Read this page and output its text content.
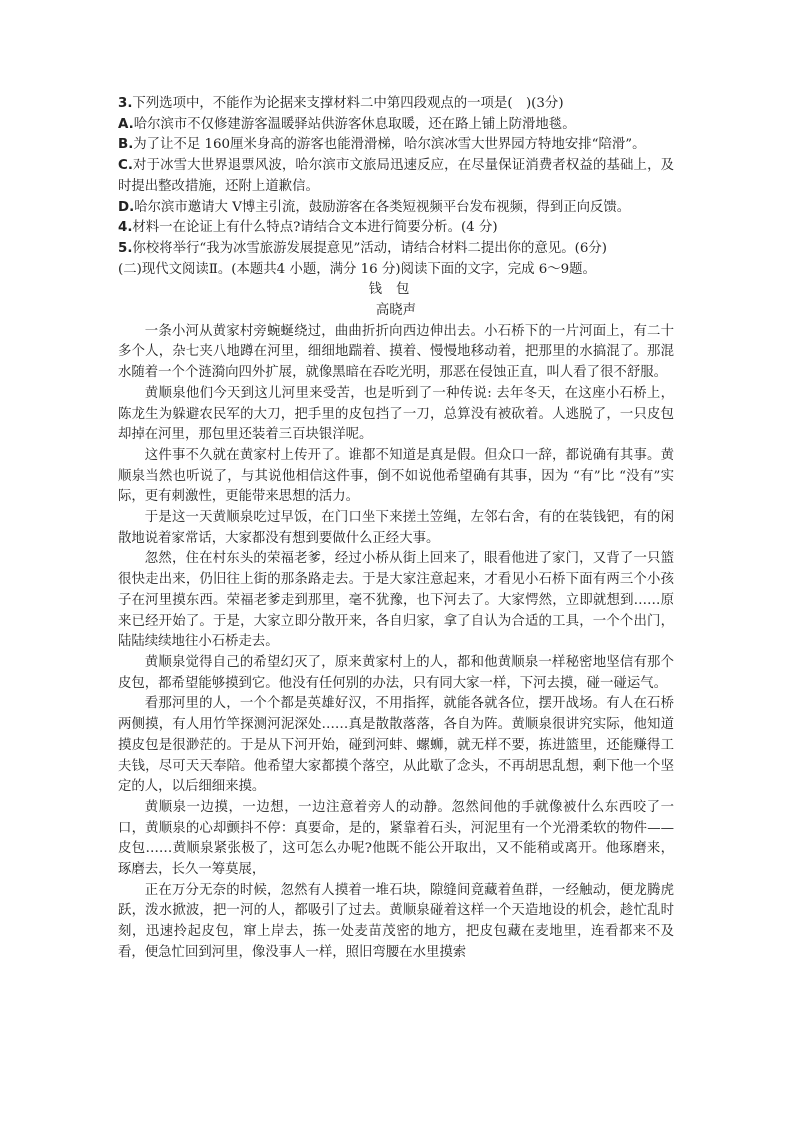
3.下列选项中，不能作为论据来支撑材料二中第四段观点的一项是(　)(3分)

A.哈尔滨市不仅修建游客温暖驿站供游客休息取暖，还在路上铺上防滑地毯。

B.为了让不足 160厘米身高的游客也能滑滑梯，哈尔滨冰雪大世界园方特地安排“陪滑”。

C.对于冰雪大世界退票风波，哈尔滨市文旅局迅速反应，在尽量保证消费者权益的基础上，及时提出整改措施，还附上道歉信。

D.哈尔滨市邀请大 V博主引流，鼓励游客在各类短视频平台发布视频，得到正向反馈。

4.材料一在论证上有什么特点?请结合文本进行简要分析。(4 分)

5.你校将举行“我为冰雪旅游发展提意见”活动，请结合材料二提出你的意见。(6分)

(二)现代文阅读Ⅱ。(本题共4 小题，满分 16 分)阅读下面的文字，完成 6～9题。

钱包

高晓声

一条小河从黄家村旁蜿蜒绕过，曲曲折折向西边伸出去。小石桥下的一片河面上，有二十多个人，杂七夹八地蹲在河里，细细地踹着、摸着、慢慢地移动着，把那里的水搞混了。那混水随着一个个涟漪向四外扩展，就像黑暗在吞吃光明，那恶在侵蚀正直，叫人看了很不舒服。

黄顺泉他们今天到这儿河里来受苦，也是听到了一种传说: 去年冬天，在这座小石桥上，陈龙生为躲避农民军的大刀，把手里的皮包挡了一刀，总算没有被砍着。人逃脱了，一只皮包却掉在河里，那包里还装着三百块银洋呢。

这件事不久就在黄家村上传开了。谁都不知道是真是假。但众口一辞，都说确有其事。黄顺泉当然也听说了，与其说他相信这件事，倒不如说他希望确有其事，因为 “有”比 “没有”实际，更有刺激性，更能带来思想的活力。

于是这一天黄顺泉吃过早饭，在门口坐下来搓土笠绳，左邻右舍，有的在装钱钯，有的闲散地说着家常话，大家都没有想到要做什么正经大事。

忽然，住在村东头的荣福老爹，经过小桥从街上回来了，眼看他进了家门，又背了一只篮很快走出来，仍旧往上街的那条路走去。于是大家注意起来，才看见小石桥下面有两三个小孩子在河里摸东西。荣福老爹走到那里，毫不犹豫，也下河去了。大家愕然，立即就想到……原来已经开始了。于是，大家立即分散开来，各自归家，拿了自认为合适的工具，一个个出门，陆陆续续地往小石桥走去。

黄顺泉觉得自己的希望幻灭了，原来黄家村上的人，都和他黄顺泉一样秘密地坚信有那个皮包，都希望能够摸到它。他没有任何别的办法，只有同大家一样，下河去摸，碰一碰运气。

看那河里的人，一个个都是英雄好汉，不用指挥，就能各就各位，摆开战场。有人在石桥两侧摸，有人用竹竿探测河泥深处……真是散散落落，各自为阵。黄顺泉很讲究实际，他知道摸皮包是很渺茫的。于是从下河开始，碰到河蚌、螺蛳，就无样不要，拣进篮里，还能赚得工夫钱，尽可天天奉陪。他希望大家都摸个落空，从此歇了念头，不再胡思乱想，剩下他一个坚定的人，以后细细来摸。

黄顺泉一边摸，一边想，一边注意着旁人的动静。忽然间他的手就像被什么东西咬了一口，黄顺泉的心却颤抖不停：真要命，是的，紧靠着石头，河泥里有一个光滑柔软的物件——皮包……黄顺泉紧张极了，这可怎么办呢?他既不能公开取出，又不能稍或离开。他琢磨来，琢磨去，长久一筹莫展，

正在万分无奈的时候，忽然有人摸着一堆石块，隙缝间竟藏着鱼群，一经触动，便龙腾虎跃，泼水掀波，把一河的人，都吸引了过去。黄顺泉碰着这样一个天造地设的机会，趁忙乱时刻，迅速拎起皮包，窜上岸去，拣一处麦苗茂密的地方，把皮包藏在麦地里，连看都来不及看，便急忙回到河里，像没事人一样，照旧弯腰在水里摸索
